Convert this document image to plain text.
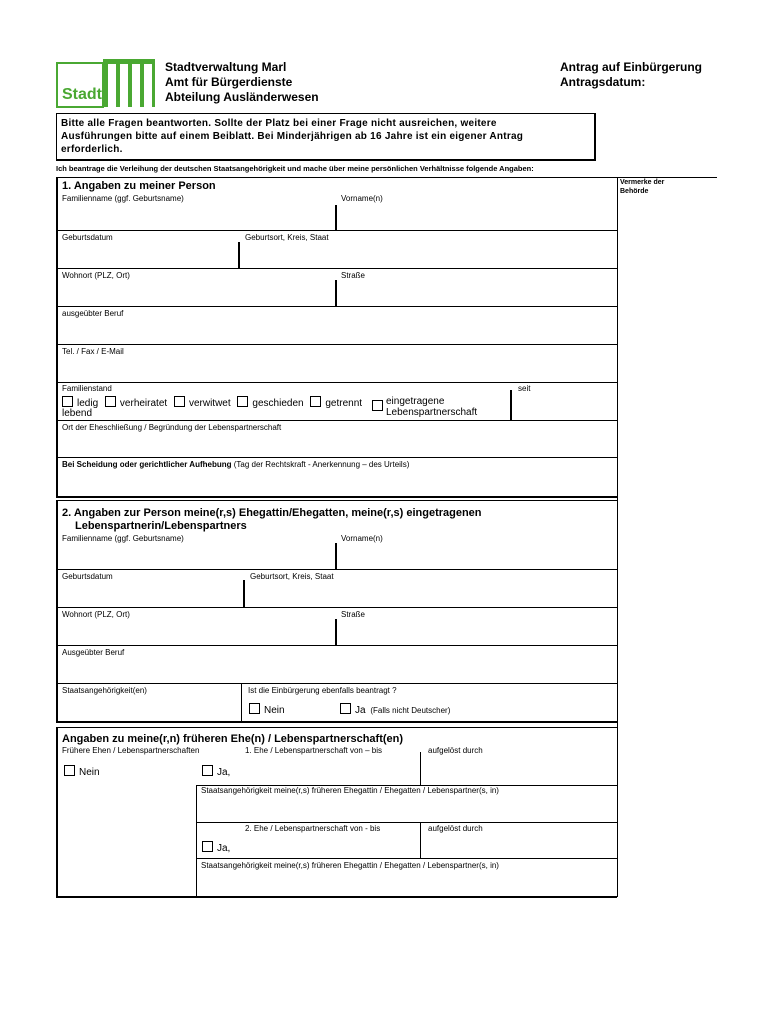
Stadt
Stadtverwaltung Marl
Amt für Bürgerdienste
Abteilung Ausländerwesen
Antrag auf Einbürgerung
Antragsdatum:
Bitte alle Fragen beantworten. Sollte der Platz bei einer Frage nicht ausreichen, weitere
Ausführungen bitte auf einem Beiblatt. Bei Minderjährigen ab 16 Jahre ist ein eigener Antrag
erforderlich.
Ich beantrage die Verleihung der deutschen Staatsangehörigkeit und mache über meine persönlichen Verhältnisse folgende Angaben:
Vermerke der
Behörde
1. Angaben zu meiner Person
Familienname (ggf. Geburtsname)	Vorname(n)
Geburtsdatum	Geburtsort, Kreis, Staat
Wohnort (PLZ, Ort)	Straße
ausgeübter Beruf
Tel. / Fax / E-Mail
Familienstand	seit
ledig verheiratet verwitwet geschieden getrennt
lebend
eingetragene
Lebenspartnerschaft
Ort der Eheschließung / Begründung der Lebenspartnerschaft
Bei Scheidung oder gerichtlicher Aufhebung (Tag der Rechtskraft - Anerkennung – des Urteils)
2. Angaben zur Person meine(r,s) Ehegattin/Ehegatten, meine(r,s) eingetragenen
Lebenspartnerin/Lebenspartners
Familienname (ggf. Geburtsname)	Vorname(n)
Geburtsdatum	Geburtsort, Kreis, Staat
Wohnort (PLZ, Ort)	Straße
Ausgeübter Beruf
Staatsangehörigkeit(en)	Ist die Einbürgerung ebenfalls beantragt ?
Nein	Ja (Falls nicht Deutscher)
Angaben zu meine(r,n) früheren Ehe(n) / Lebenspartnerschaft(en)
Frühere Ehen / Lebenspartnerschaften	1. Ehe / Lebenspartnerschaft von – bis	aufgelöst durch
Nein	Ja,
Staatsangehörigkeit meine(r,s) früheren Ehegattin / Ehegatten / Lebenspartner(s, in)
2. Ehe / Lebenspartnerschaft von - bis	aufgelöst durch
Ja,
Staatsangehörigkeit meine(r,s) früheren Ehegattin / Ehegatten / Lebenspartner(s, in)
